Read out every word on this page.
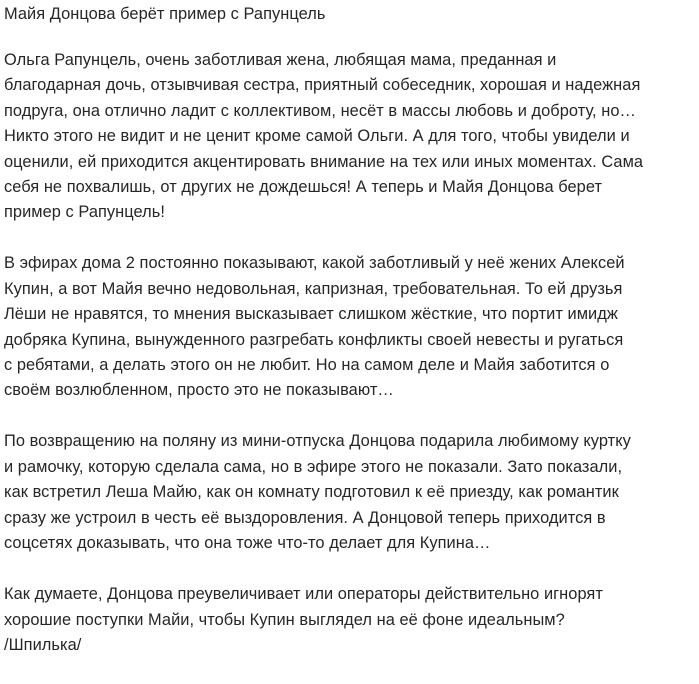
Майя Донцова берёт пример с Рапунцель

Ольга Рапунцель, очень заботливая жена, любящая мама, преданная и
благодарная дочь, отзывчивая сестра, приятный собеседник, хорошая и надежная
подруга, она отлично ладит с коллективом, несёт в массы любовь и доброту, но…
Никто этого не видит и не ценит кроме самой Ольги. А для того, чтобы увидели и
оценили, ей приходится акцентировать внимание на тех или иных моментах. Сама
себя не похвалишь, от других не дождешься! А теперь и Майя Донцова берет
пример с Рапунцель!

В эфирах дома 2 постоянно показывают, какой заботливый у неё жених Алексей
Купин, а вот Майя вечно недовольная, капризная, требовательная. То ей друзья
Лёши не нравятся, то мнения высказывает слишком жёсткие, что портит имидж
добряка Купина, вынужденного разгребать конфликты своей невесты и ругаться
с ребятами, а делать этого он не любит. Но на самом деле и Майя заботится о
своём возлюбленном, просто это не показывают…

По возвращению на поляну из мини-отпуска Донцова подарила любимому куртку
и рамочку, которую сделала сама, но в эфире этого не показали. Зато показали,
как встретил Леша Майю, как он комнату подготовил к её приезду, как романтик
сразу же устроил в честь её выздоровления. А Донцовой теперь приходится в
соцсетях доказывать, что она тоже что-то делает для Купина…

Как думаете, Донцова преувеличивает или операторы действительно игнорят
хорошие поступки Майи, чтобы Купин выглядел на её фоне идеальным?
/Шпилька/
